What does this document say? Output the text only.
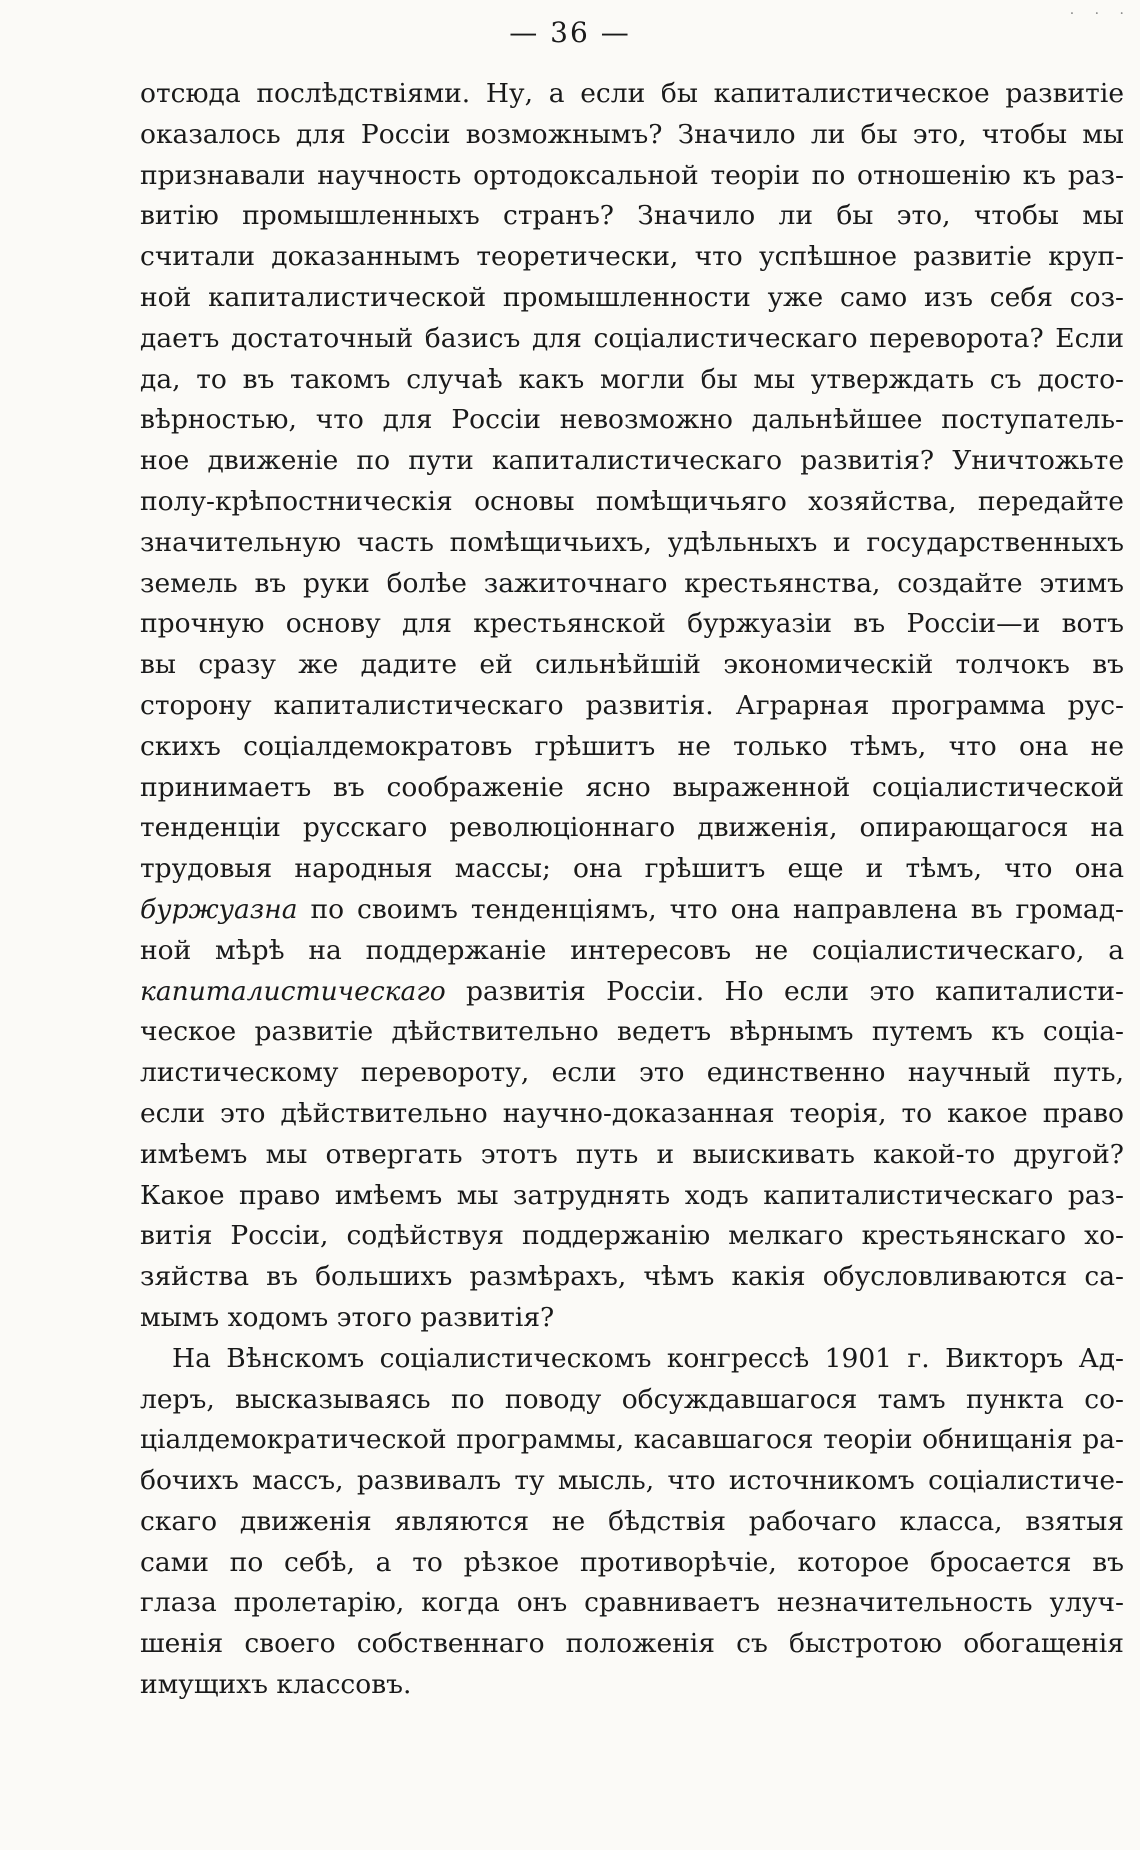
· · ·
— 36 —
отсюда послѣдствіями. Ну, а если бы капиталистическое развитіе
оказалось для Россіи возможнымъ? Значило ли бы это, чтобы мы
признавали научность ортодоксальной теоріи по отношенію къ раз-
витію промышленныхъ странъ? Значило ли бы это, чтобы мы
считали доказаннымъ теоретически, что успѣшное развитіе круп-
ной капиталистической промышленности уже само изъ себя соз-
даетъ достаточный базисъ для соціалистическаго переворота? Если
да, то въ такомъ случаѣ какъ могли бы мы утверждать съ досто-
вѣрностью, что для Россіи невозможно дальнѣйшее поступатель-
ное движеніе по пути капиталистическаго развитія? Уничтожьте
полу-крѣпостническія основы помѣщичьяго хозяйства, передайте
значительную часть помѣщичьихъ, удѣльныхъ и государственныхъ
земель въ руки болѣе зажиточнаго крестьянства, создайте этимъ
прочную основу для крестьянской буржуазіи въ Россіи—и вотъ
вы сразу же дадите ей сильнѣйшій экономическій толчокъ въ
сторону капиталистическаго развитія. Аграрная программа рус-
скихъ соціалдемократовъ грѣшитъ не только тѣмъ, что она не
принимаетъ въ соображеніе ясно выраженной соціалистической
тенденціи русскаго революціоннаго движенія, опирающагося на
трудовыя народныя массы; она грѣшитъ еще и тѣмъ, что она
буржуазна по своимъ тенденціямъ, что она направлена въ громад-
ной мѣрѣ на поддержаніе интересовъ не соціалистическаго, а
капиталистическаго развитія Россіи. Но если это капиталисти-
ческое развитіе дѣйствительно ведетъ вѣрнымъ путемъ къ соціа-
листическому перевороту, если это единственно научный путь,
если это дѣйствительно научно-доказанная теорія, то какое право
имѣемъ мы отвергать этотъ путь и выискивать какой-то другой?
Какое право имѣемъ мы затруднять ходъ капиталистическаго раз-
витія Россіи, содѣйствуя поддержанію мелкаго крестьянскаго хо-
зяйства въ большихъ размѣрахъ, чѣмъ какія обусловливаются са-
мымъ ходомъ этого развитія?
На Вѣнскомъ соціалистическомъ конгрессѣ 1901 г. Викторъ Ад-
леръ, высказываясь по поводу обсуждавшагося тамъ пункта со-
ціалдемократической программы, касавшагося теоріи обнищанія ра-
бочихъ массъ, развивалъ ту мысль, что источникомъ соціалистиче-
скаго движенія являются не бѣдствія рабочаго класса, взятыя
сами по себѣ, а то рѣзкое противорѣчіе, которое бросается въ
глаза пролетарію, когда онъ сравниваетъ незначительность улуч-
шенія своего собственнаго положенія съ быстротою обогащенія
имущихъ классовъ.
